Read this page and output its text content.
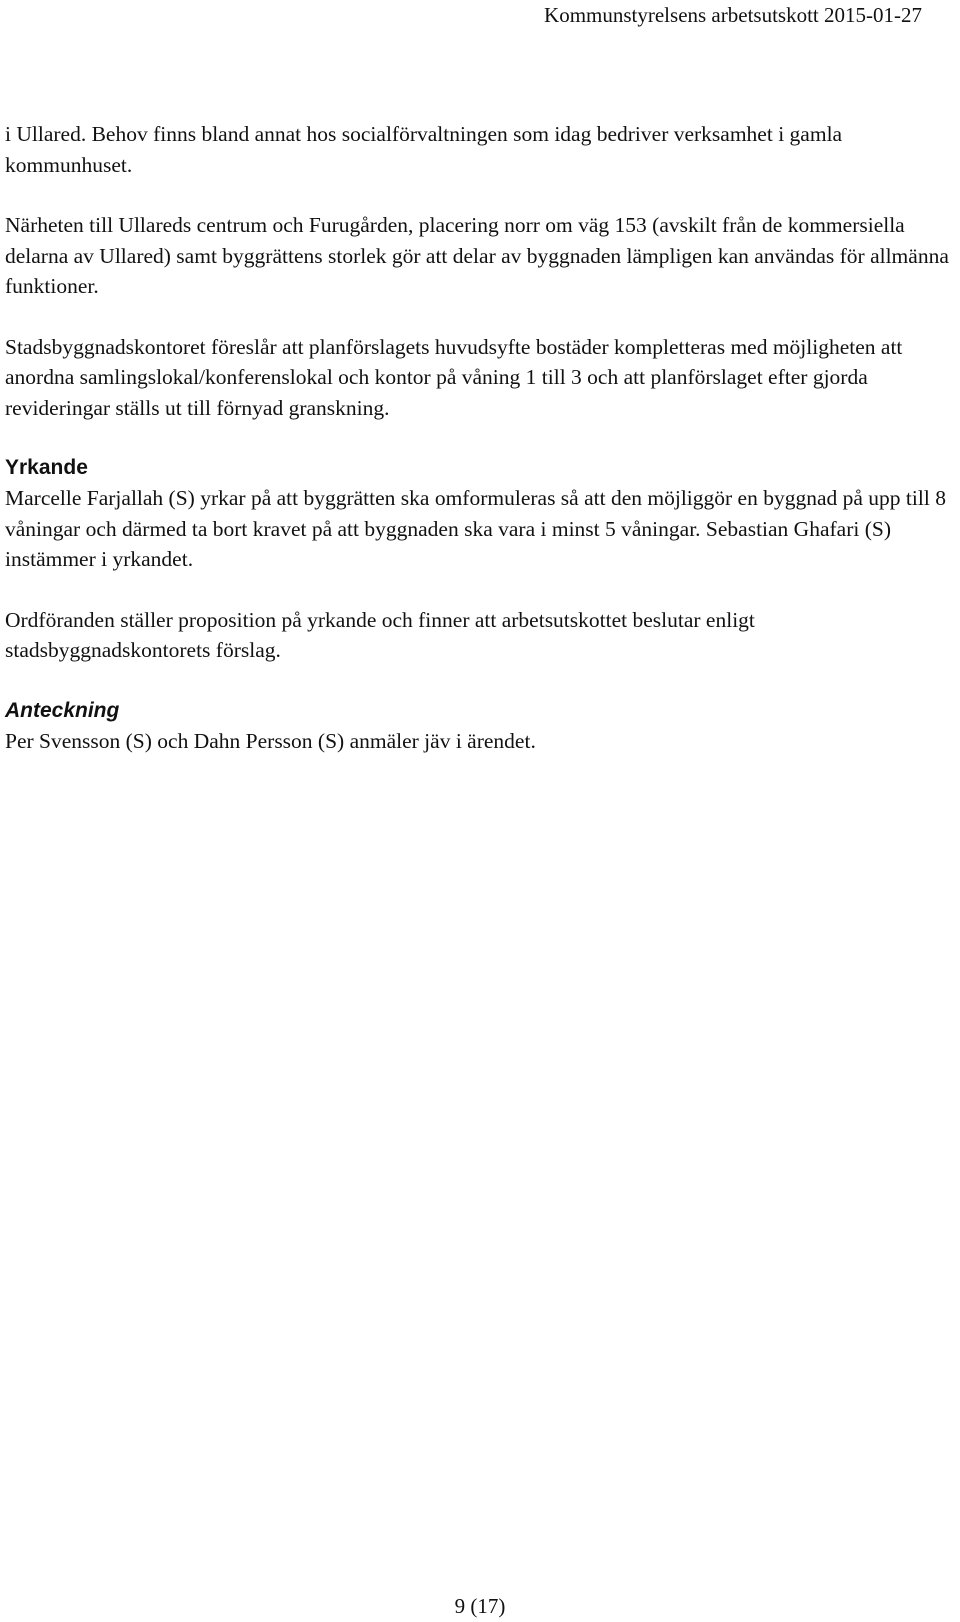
Kommunstyrelsens arbetsutskott 2015-01-27

i Ullared. Behov finns bland annat hos socialförvaltningen som idag bedriver verksamhet i gamla kommunhuset.

Närheten till Ullareds centrum och Furugården, placering norr om väg 153 (avskilt från de kommersiella delarna av Ullared) samt byggrättens storlek gör att delar av byggnaden lämpligen kan användas för allmänna funktioner.

Stadsbyggnadskontoret föreslår att planförslagets huvudsyfte bostäder kompletteras med möjligheten att anordna samlingslokal/konferenslokal och kontor på våning 1 till 3 och att planförslaget efter gjorda revideringar ställs ut till förnyad granskning.

Yrkande

Marcelle Farjallah (S) yrkar på att byggrätten ska omformuleras så att den möjliggör en byggnad på upp till 8 våningar och därmed ta bort kravet på att byggnaden ska vara i minst 5 våningar. Sebastian Ghafari (S) instämmer i yrkandet.

Ordföranden ställer proposition på yrkande och finner att arbetsutskottet beslutar enligt stadsbyggnadskontorets förslag.

Anteckning

Per Svensson (S) och Dahn Persson (S) anmäler jäv i ärendet.

9 (17)
